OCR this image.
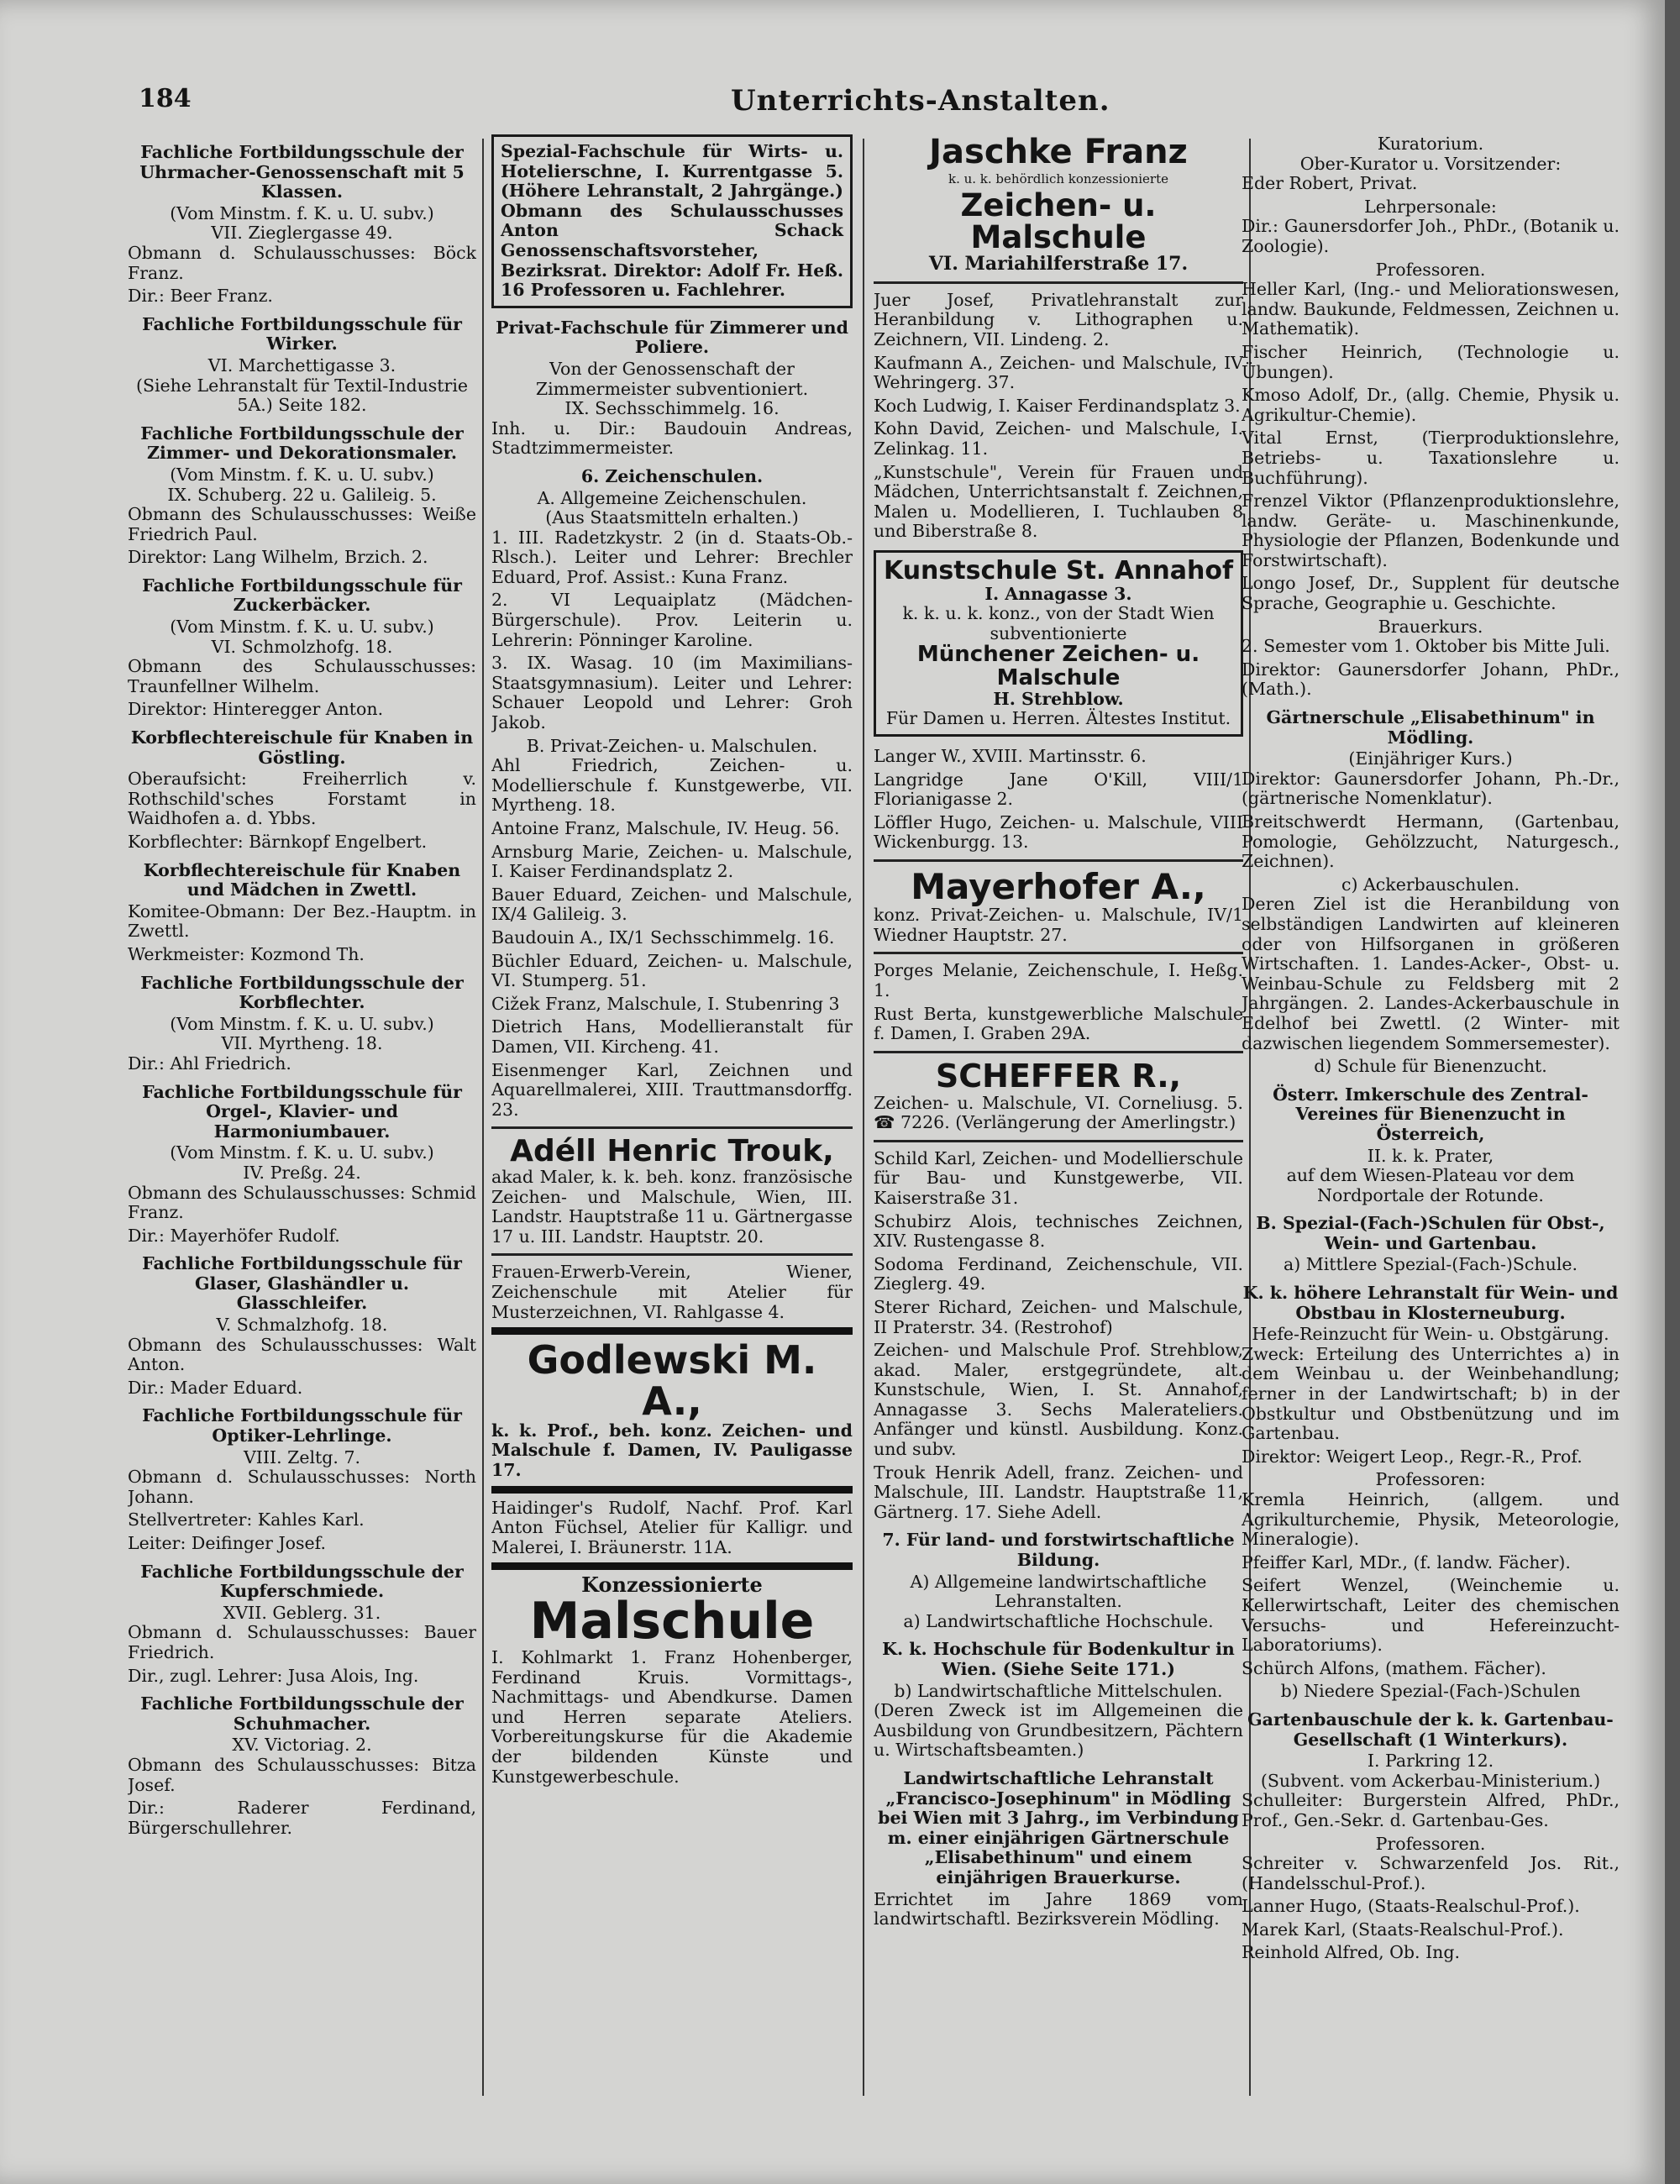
184	Unterrichts-Anstalten.
Fachliche Fortbildungsschule der Uhrmacher-Genossenschaft mit 5 Klassen.
(Vom Minstm. f. K. u. U. subv.)
VII. Zieglergasse 49.
Obmann d. Schulausschusses: Böck Franz.
Dir.: Beer Franz.
Fachliche Fortbildungsschule für Wirker.
VI. Marchettigasse 3.
(Siehe Lehranstalt für Textil-Industrie 5A.) Seite 182.
Fachliche Fortbildungsschule der Zimmer- und Dekorationsmaler.
(Vom Minstm. f. K. u. U. subv.)
IX. Schuberg. 22 u. Galileig. 5.
Obmann des Schulausschusses: Weiße Friedrich Paul.
Direktor: Lang Wilhelm, Brzich. 2.
Fachliche Fortbildungsschule für Zuckerbäcker.
(Vom Minstm. f. K. u. U. subv.)
VI. Schmolzhofg. 18.
Obmann des Schulausschusses: Traunfellner Wilhelm.
Direktor: Hinteregger Anton.
Korbflechtereischule für Knaben in Göstling.
Oberaufsicht: Freiherrlich v. Rothschild'sches Forstamt in Waidhofen a. d. Ybbs.
Korbflechter: Bärnkopf Engelbert.
Korbflechtereischule für Knaben und Mädchen in Zwettl.
Komitee-Obmann: Der Bez.-Hauptm. in Zwettl.
Werkmeister: Kozmond Th.
Fachliche Fortbildungsschule der Korbflechter.
(Vom Minstm. f. K. u. U. subv.)
VII. Myrtheng. 18.
Dir.: Ahl Friedrich.
Fachliche Fortbildungsschule für Orgel-, Klavier- und Harmoniumbauer.
(Vom Minstm. f. K. u. U. subv.)
IV. Preßg. 24.
Obmann des Schulausschusses: Schmid Franz.
Dir.: Mayerhöfer Rudolf.
Fachliche Fortbildungsschule für Glaser, Glashändler u. Glasschleifer.
V. Schmalzhofg. 18.
Obmann des Schulausschusses: Walt Anton.
Dir.: Mader Eduard.
Fachliche Fortbildungsschule für Optiker-Lehrlinge.
VIII. Zeltg. 7.
Obmann d. Schulausschusses: North Johann.
Stellvertreter: Kahles Karl.
Leiter: Deifinger Josef.
Fachliche Fortbildungsschule der Kupferschmiede.
XVII. Geblerg. 31.
Obmann d. Schulausschusses: Bauer Friedrich.
Dir., zugl. Lehrer: Jusa Alois, Ing.
Fachliche Fortbildungsschule der Schuhmacher.
XV. Victoriag. 2.
Obmann des Schulausschusses: Bitza Josef.
Dir.: Raderer Ferdinand, Bürgerschullehrer.
Spezial-Fachschule für Wirts- u. Hotelierschne, I. Kurrentgasse 5. (Höhere Lehranstalt, 2 Jahrgänge.) Obmann des Schulausschusses Anton Schack Genossenschaftsvorsteher, Bezirksrat. Direktor: Adolf Fr. Heß. 16 Professoren u. Fachlehrer.
Privat-Fachschule für Zimmerer und Poliere.
Von der Genossenschaft der Zimmermeister subventioniert.
IX. Sechsschimmelg. 16.
Inh. u. Dir.: Baudouin Andreas, Stadtzimmermeister.
6. Zeichenschulen.
A. Allgemeine Zeichenschulen.
(Aus Staatsmitteln erhalten.)
1. III. Radetzkystr. 2 (in d. Staats-Ob.-Rlsch.). Leiter und Lehrer: Brechler Eduard, Prof. Assist.: Kuna Franz.
2. VI Lequaiplatz (Mädchen-Bürgerschule). Prov. Leiterin u. Lehrerin: Pönninger Karoline.
3. IX. Wasag. 10 (im Maximilians-Staatsgymnasium). Leiter und Lehrer: Schauer Leopold und Lehrer: Groh Jakob.
B. Privat-Zeichen- u. Malschulen.
Ahl Friedrich, Zeichen- u. Modellierschule f. Kunstgewerbe, VII. Myrtheng. 18.
Antoine Franz, Malschule, IV. Heug. 56.
Arnsburg Marie, Zeichen- u. Malschule, I. Kaiser Ferdinandsplatz 2.
Bauer Eduard, Zeichen- und Malschule, IX/4 Galileig. 3.
Baudouin A., IX/1 Sechsschimmelg. 16.
Büchler Eduard, Zeichen- u. Malschule, VI. Stumperg. 51.
Cižek Franz, Malschule, I. Stubenring 3
Dietrich Hans, Modellieranstalt für Damen, VII. Kircheng. 41.
Eisenmenger Karl, Zeichnen und Aquarellmalerei, XIII. Trauttmansdorffg. 23.
Adéll Henric Trouk,
akad Maler, k. k. beh. konz. französische Zeichen- und Malschule, Wien, III. Landstr. Hauptstraße 11 u. Gärtnergasse 17 u. III. Landstr. Hauptstr. 20.
Frauen-Erwerb-Verein, Wiener, Zeichenschule mit Atelier für Musterzeichnen, VI. Rahlgasse 4.
Godlewski M. A.,
k. k. Prof., beh. konz. Zeichen- und Malschule f. Damen, IV. Pauligasse 17.
Haidinger's Rudolf, Nachf. Prof. Karl Anton Füchsel, Atelier für Kalligr. und Malerei, I. Bräunerstr. 11A.
Konzessionierte
Malschule
I. Kohlmarkt 1. Franz Hohenberger, Ferdinand Kruis. Vormittags-, Nachmittags- und Abendkurse. Damen und Herren separate Ateliers. Vorbereitungskurse für die Akademie der bildenden Künste und Kunstgewerbeschule.
Jaschke Franz
k. u. k. behördlich konzessionierte
Zeichen- u. Malschule
VI. Mariahilferstraße 17.
Juer Josef, Privatlehranstalt zur Heranbildung v. Lithographen u. Zeichnern, VII. Lindeng. 2.
Kaufmann A., Zeichen- und Malschule, IV Wehringerg. 37.
Koch Ludwig, I. Kaiser Ferdinandsplatz 3.
Kohn David, Zeichen- und Malschule, I. Zelinkag. 11.
„Kunstschule", Verein für Frauen und Mädchen, Unterrichtsanstalt f. Zeichnen, Malen u. Modellieren, I. Tuchlauben 8 und Biberstraße 8.
Kunstschule St. Annahof
I. Annagasse 3.
k. k. u. k. konz., von der Stadt Wien subventionierte
Münchener Zeichen- u. Malschule
H. Strehblow.
Für Damen u. Herren. Ältestes Institut.
Langer W., XVIII. Martinsstr. 6.
Langridge Jane O'Kill, VIII/1 Florianigasse 2.
Löffler Hugo, Zeichen- u. Malschule, VIII Wickenburgg. 13.
Mayerhofer A.,
konz. Privat-Zeichen- u. Malschule, IV/1 Wiedner Hauptstr. 27.
Porges Melanie, Zeichenschule, I. Heßg. 1.
Rust Berta, kunstgewerbliche Malschule f. Damen, I. Graben 29A.
SCHEFFER R.,
Zeichen- u. Malschule, VI. Corneliusg. 5. ☎ 7226. (Verlängerung der Amerlingstr.)
Schild Karl, Zeichen- und Modellierschule für Bau- und Kunstgewerbe, VII. Kaiserstraße 31.
Schubirz Alois, technisches Zeichnen, XIV. Rustengasse 8.
Sodoma Ferdinand, Zeichenschule, VII. Zieglerg. 49.
Sterer Richard, Zeichen- und Malschule, II Praterstr. 34. (Restrohof)
Zeichen- und Malschule Prof. Strehblow, akad. Maler, erstgegründete, alt. Kunstschule, Wien, I. St. Annahof, Annagasse 3. Sechs Malerateliers. Anfänger und künstl. Ausbildung. Konz. und subv.
Trouk Henrik Adell, franz. Zeichen- und Malschule, III. Landstr. Hauptstraße 11, Gärtnerg. 17. Siehe Adell.
7. Für land- und forstwirtschaftliche Bildung.
A) Allgemeine landwirtschaftliche Lehranstalten.
a) Landwirtschaftliche Hochschule.
K. k. Hochschule für Bodenkultur in Wien. (Siehe Seite 171.)
b) Landwirtschaftliche Mittelschulen.
(Deren Zweck ist im Allgemeinen die Ausbildung von Grundbesitzern, Pächtern u. Wirtschaftsbeamten.)
Landwirtschaftliche Lehranstalt „Francisco-Josephinum" in Mödling bei Wien mit 3 Jahrg., im Verbindung m. einer einjährigen Gärtnerschule „Elisabethinum" und einem einjährigen Brauerkurse.
Errichtet im Jahre 1869 vom landwirtschaftl. Bezirksverein Mödling.
Kuratorium.
Ober-Kurator u. Vorsitzender:
Eder Robert, Privat.
Lehrpersonale:
Dir.: Gaunersdorfer Joh., PhDr., (Botanik u. Zoologie).
Professoren.
Heller Karl, (Ing.- und Meliorationswesen, landw. Baukunde, Feldmessen, Zeichnen u. Mathematik).
Fischer Heinrich, (Technologie u. Übungen).
Kmoso Adolf, Dr., (allg. Chemie, Physik u. Agrikultur-Chemie).
Vital Ernst, (Tierproduktionslehre, Betriebs- u. Taxationslehre u. Buchführung).
Frenzel Viktor (Pflanzenproduktionslehre, landw. Geräte- u. Maschinenkunde, Physiologie der Pflanzen, Bodenkunde und Forstwirtschaft).
Longo Josef, Dr., Supplent für deutsche Sprache, Geographie u. Geschichte.
Brauerkurs.
2. Semester vom 1. Oktober bis Mitte Juli.
Direktor: Gaunersdorfer Johann, PhDr., (Math.).
Gärtnerschule „Elisabethinum" in Mödling.
(Einjähriger Kurs.)
Direktor: Gaunersdorfer Johann, Ph.-Dr., (gärtnerische Nomenklatur).
Breitschwerdt Hermann, (Gartenbau, Pomologie, Gehölzzucht, Naturgesch., Zeichnen).
c) Ackerbauschulen.
Deren Ziel ist die Heranbildung von selbständigen Landwirten auf kleineren oder von Hilfsorganen in größeren Wirtschaften. 1. Landes-Acker-, Obst- u. Weinbau-Schule zu Feldsberg mit 2 Jahrgängen. 2. Landes-Ackerbauschule in Edelhof bei Zwettl. (2 Winter- mit dazwischen liegendem Sommersemester).
d) Schule für Bienenzucht.
Österr. Imkerschule des Zentral-Vereines für Bienenzucht in Österreich,
II. k. k. Prater,
auf dem Wiesen-Plateau vor dem Nordportale der Rotunde.
B. Spezial-(Fach-)Schulen für Obst-, Wein- und Gartenbau.
a) Mittlere Spezial-(Fach-)Schule.
K. k. höhere Lehranstalt für Wein- und Obstbau in Klosterneuburg.
Hefe-Reinzucht für Wein- u. Obstgärung.
Zweck: Erteilung des Unterrichtes a) in dem Weinbau u. der Weinbehandlung; ferner in der Landwirtschaft; b) in der Obstkultur und Obstbenützung und im Gartenbau.
Direktor: Weigert Leop., Regr.-R., Prof.
Professoren:
Kremla Heinrich, (allgem. und Agrikulturchemie, Physik, Meteorologie, Mineralogie).
Pfeiffer Karl, MDr., (f. landw. Fächer).
Seifert Wenzel, (Weinchemie u. Kellerwirtschaft, Leiter des chemischen Versuchs- und Hefereinzucht-Laboratoriums).
Schürch Alfons, (mathem. Fächer).
b) Niedere Spezial-(Fach-)Schulen
Gartenbauschule der k. k. Gartenbau-Gesellschaft (1 Winterkurs).
I. Parkring 12.
(Subvent. vom Ackerbau-Ministerium.)
Schulleiter: Burgerstein Alfred, PhDr., Prof., Gen.-Sekr. d. Gartenbau-Ges.
Professoren.
Schreiter v. Schwarzenfeld Jos. Rit., (Handelsschul-Prof.).
Lanner Hugo, (Staats-Realschul-Prof.).
Marek Karl, (Staats-Realschul-Prof.).
Reinhold Alfred, Ob. Ing.
